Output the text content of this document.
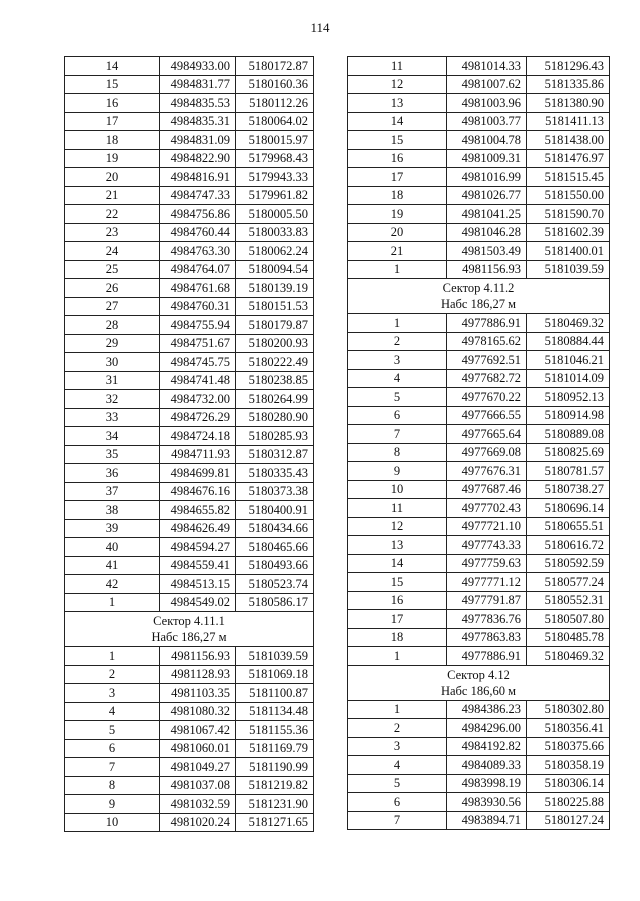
114
14	4984933.00	5180172.87
15	4984831.77	5180160.36
16	4984835.53	5180112.26
17	4984835.31	5180064.02
18	4984831.09	5180015.97
19	4984822.90	5179968.43
20	4984816.91	5179943.33
21	4984747.33	5179961.82
22	4984756.86	5180005.50
23	4984760.44	5180033.83
24	4984763.30	5180062.24
25	4984764.07	5180094.54
26	4984761.68	5180139.19
27	4984760.31	5180151.53
28	4984755.94	5180179.87
29	4984751.67	5180200.93
30	4984745.75	5180222.49
31	4984741.48	5180238.85
32	4984732.00	5180264.99
33	4984726.29	5180280.90
34	4984724.18	5180285.93
35	4984711.93	5180312.87
36	4984699.81	5180335.43
37	4984676.16	5180373.38
38	4984655.82	5180400.91
39	4984626.49	5180434.66
40	4984594.27	5180465.66
41	4984559.41	5180493.66
42	4984513.15	5180523.74
1	4984549.02	5180586.17

Сектор 4.11.1
Набс 186,27 м		

1	4981156.93	5181039.59
2	4981128.93	5181069.18
3	4981103.35	5181100.87
4	4981080.32	5181134.48
5	4981067.42	5181155.36
6	4981060.01	5181169.79
7	4981049.27	5181190.99
8	4981037.08	5181219.82
9	4981032.59	5181231.90
10	4981020.24	5181271.65
11	4981014.33	5181296.43
12	4981007.62	5181335.86
13	4981003.96	5181380.90
14	4981003.77	5181411.13
15	4981004.78	5181438.00
16	4981009.31	5181476.97
17	4981016.99	5181515.45
18	4981026.77	5181550.00
19	4981041.25	5181590.70
20	4981046.28	5181602.39
21	4981503.49	5181400.01
1	4981156.93	5181039.59

Сектор 4.11.2
Набс 186,27 м		

1	4977886.91	5180469.32
2	4978165.62	5180884.44
3	4977692.51	5181046.21
4	4977682.72	5181014.09
5	4977670.22	5180952.13
6	4977666.55	5180914.98
7	4977665.64	5180889.08
8	4977669.08	5180825.69
9	4977676.31	5180781.57
10	4977687.46	5180738.27
11	4977702.43	5180696.14
12	4977721.10	5180655.51
13	4977743.33	5180616.72
14	4977759.63	5180592.59
15	4977771.12	5180577.24
16	4977791.87	5180552.31
17	4977836.76	5180507.80
18	4977863.83	5180485.78
1	4977886.91	5180469.32

Сектор 4.12
Набс 186,60 м		

1	4984386.23	5180302.80
2	4984296.00	5180356.41
3	4984192.82	5180375.66
4	4984089.33	5180358.19
5	4983998.19	5180306.14
6	4983930.56	5180225.88
7	4983894.71	5180127.24
